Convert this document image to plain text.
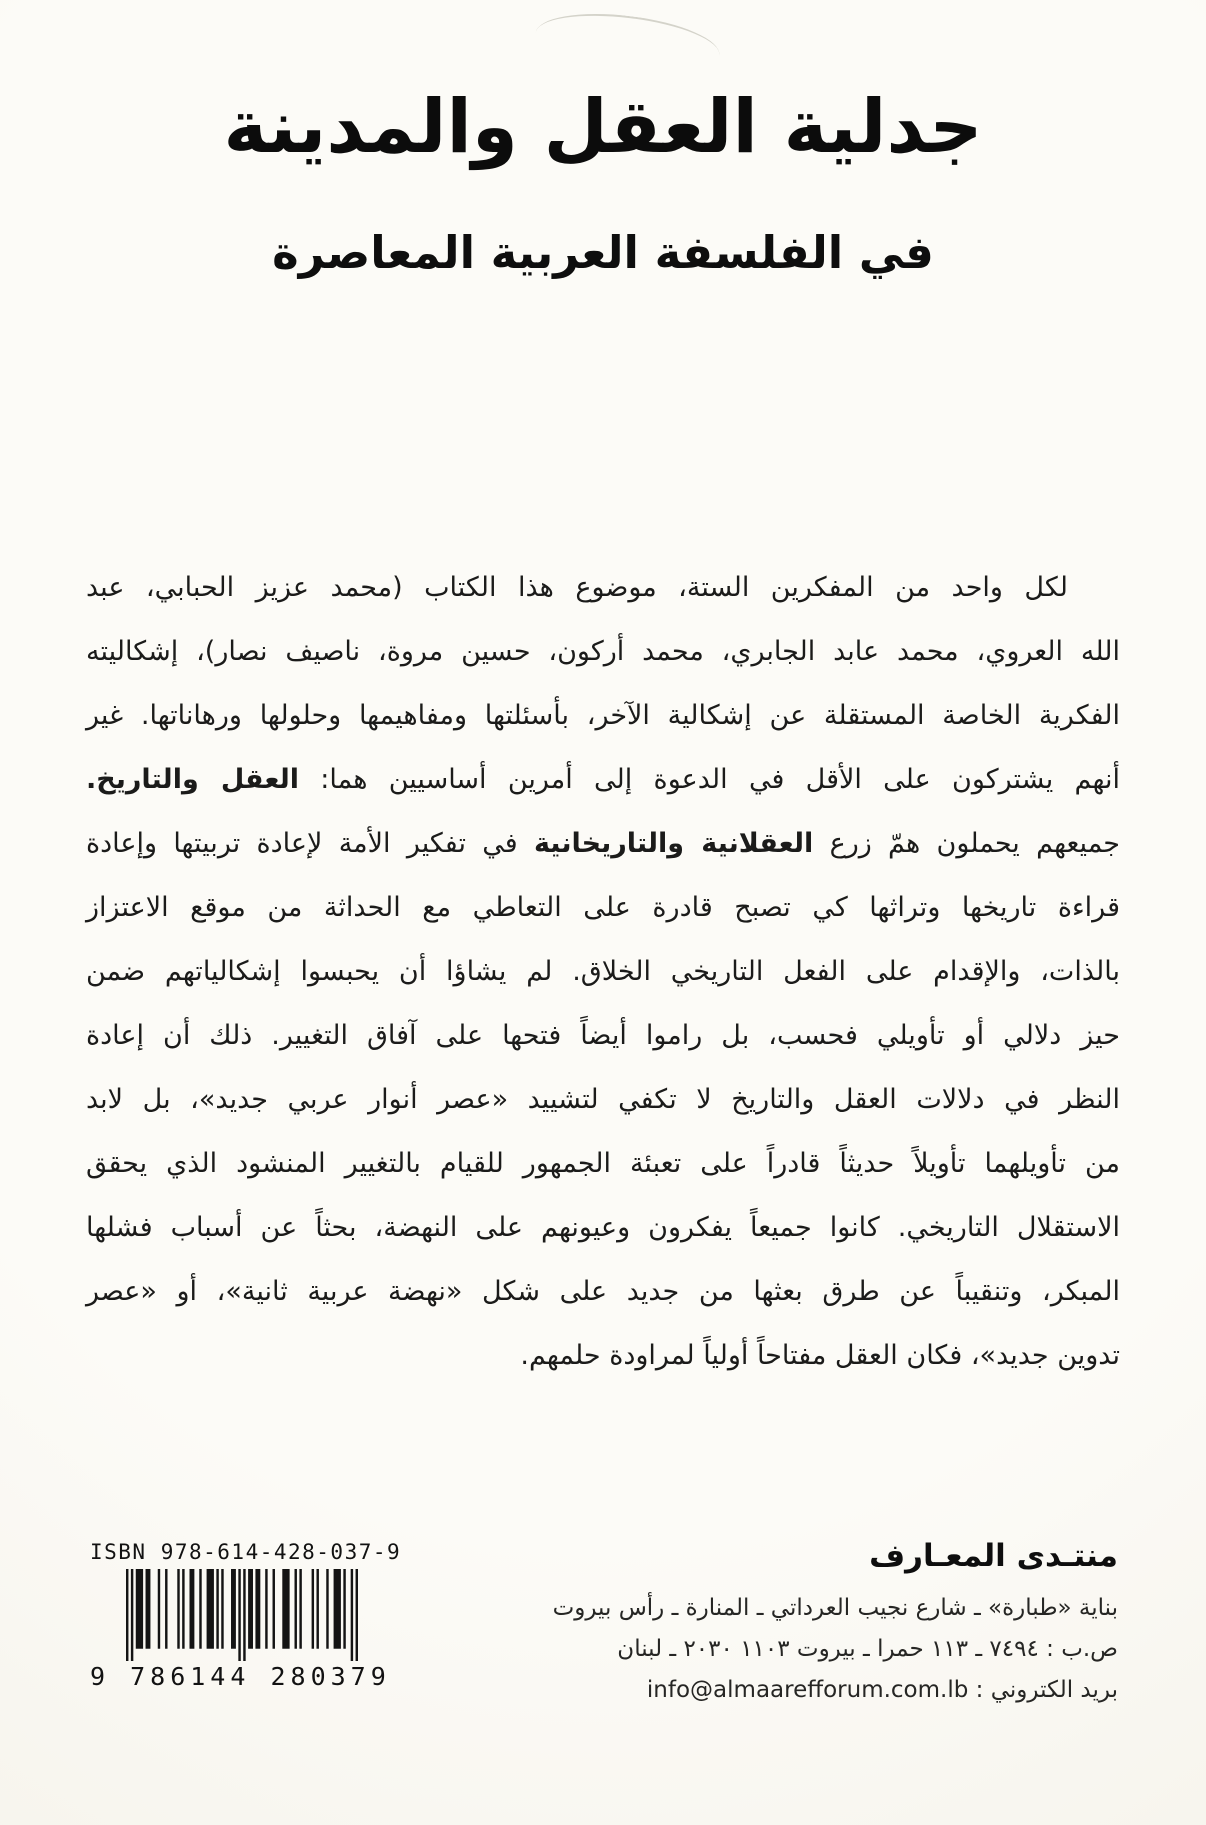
جدلية العقل والمدينة
في الفلسفة العربية المعاصرة
لكل واحد من المفكرين الستة، موضوع هذا الكتاب (محمد عزيز الحبابي، عبد
الله العروي، محمد عابد الجابري، محمد أركون، حسين مروة، ناصيف نصار)، إشكاليته
الفكرية الخاصة المستقلة عن إشكالية الآخر، بأسئلتها ومفاهيمها وحلولها ورهاناتها. غير
أنهم يشتركون على الأقل في الدعوة إلى أمرين أساسيين هما: العقل والتاريخ.
جميعهم يحملون همّ زرع العقلانية والتاريخانية في تفكير الأمة لإعادة تربيتها وإعادة
قراءة تاريخها وتراثها كي تصبح قادرة على التعاطي مع الحداثة من موقع الاعتزاز
بالذات، والإقدام على الفعل التاريخي الخلاق. لم يشاؤا أن يحبسوا إشكالياتهم ضمن
حيز دلالي أو تأويلي فحسب، بل راموا أيضاً فتحها على آفاق التغيير. ذلك أن إعادة
النظر في دلالات العقل والتاريخ لا تكفي لتشييد «عصر أنوار عربي جديد»، بل لابد
من تأويلهما تأويلاً حديثاً قادراً على تعبئة الجمهور للقيام بالتغيير المنشود الذي يحقق
الاستقلال التاريخي. كانوا جميعاً يفكرون وعيونهم على النهضة، بحثاً عن أسباب فشلها
المبكر، وتنقيباً عن طرق بعثها من جديد على شكل «نهضة عربية ثانية»، أو «عصر
تدوين جديد»، فكان العقل مفتاحاً أولياً لمراودة حلمهم.
ISBN 978-614-428-037-9
9 786144 280379
منتـدى المعـارف
بناية «طبارة» ـ شارع نجيب العرداتي ـ المنارة ـ رأس بيروت
ص.ب : ٧٤٩٤ ـ ١١٣ حمرا ـ بيروت ١١٠٣ ٢٠٣٠ ـ لبنان
بريد الكتروني : info@almaarefforum.com.lb
